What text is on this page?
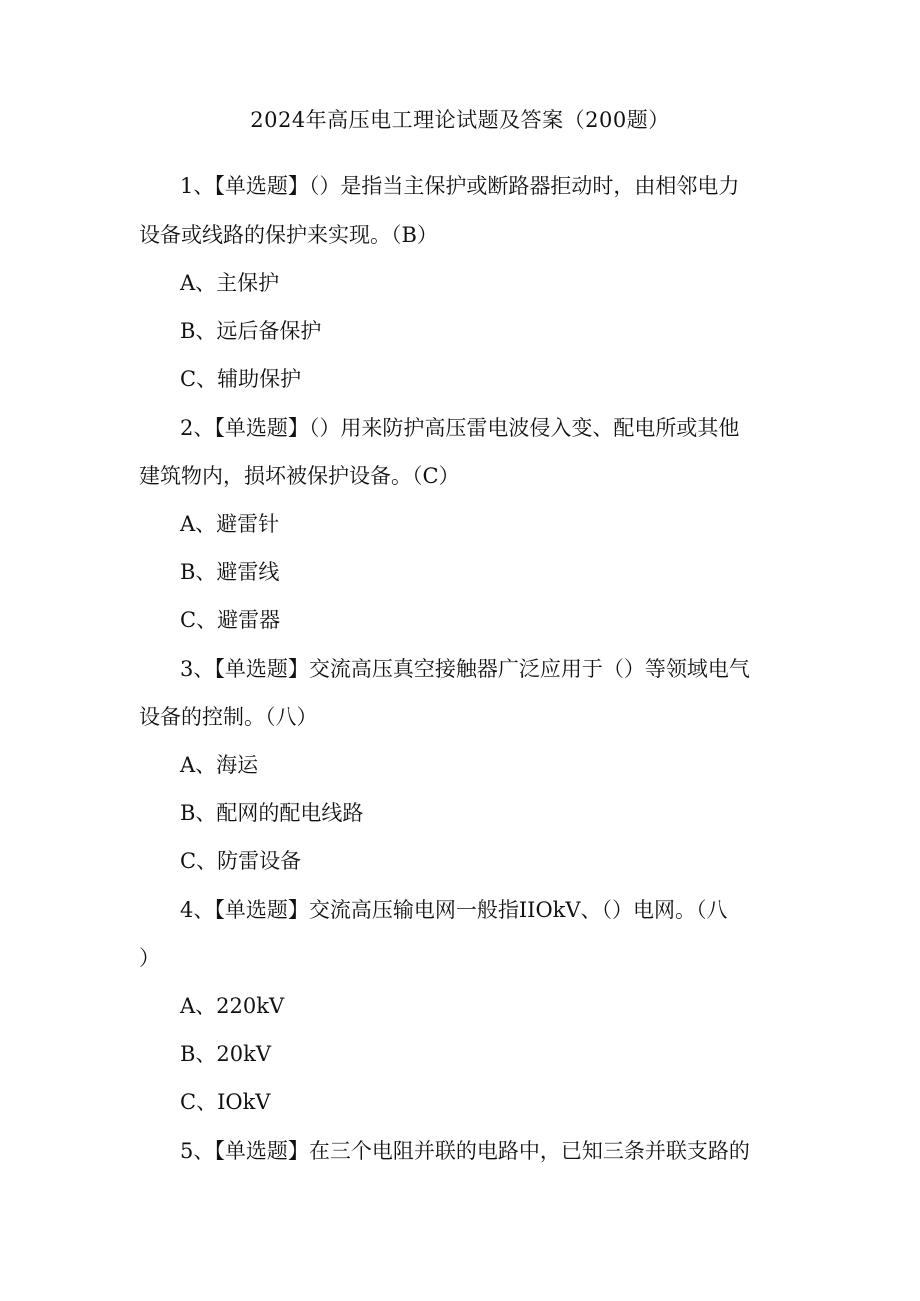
2024年高压电工理论试题及答案（200题）
1、【单选题】（）是指当主保护或断路器拒动时，由相邻电力
设备或线路的保护来实现。（B）
A、主保护
B、远后备保护
C、辅助保护
2、【单选题】（）用来防护高压雷电波侵入变、配电所或其他
建筑物内，损坏被保护设备。（C）
A、避雷针
B、避雷线
C、避雷器
3、【单选题】交流高压真空接触器广泛应用于（）等领域电气
设备的控制。（八）
A、海运
B、配网的配电线路
C、防雷设备
4、【单选题】交流高压输电网一般指IIOkV、（）电网。（八
）
A、220kV
B、20kV
C、IOkV
5、【单选题】在三个电阻并联的电路中，已知三条并联支路的
